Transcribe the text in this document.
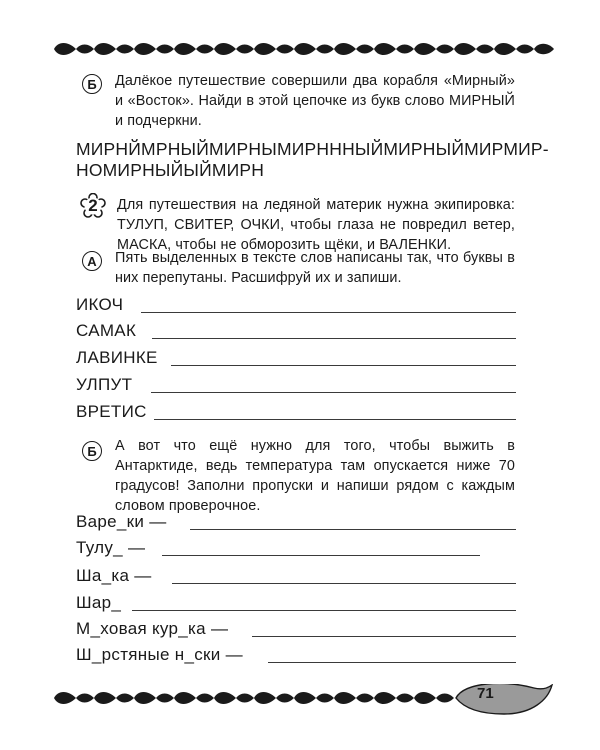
Б	Далёкое путешествие совершили два корабля «Мирный» и «Восток». Найди в этой цепочке из букв слово МИРНЫЙ и подчеркни.
МИРНЙМРНЫЙМИРНЫМИРНННЫЙМИРНЫЙМИРМИР-
НОМИРНЫЙЫЙМИРН
2 Для путешествия на ледяной материк нужна экипировка: ТУЛУП, СВИТЕР, ОЧКИ, чтобы глаза не повредил ветер, МАСКА, чтобы не обморозить щёки, и ВАЛЕНКИ.
А	Пять выделенных в тексте слов написаны так, что буквы в них перепутаны. Расшифруй их и запиши.
ИКОЧ
САМАК
ЛАВИНКЕ
УЛПУТ
ВРЕТИС
Б	А вот что ещё нужно для того, чтобы выжить в Антарктиде, ведь температура там опускается ниже 70 градусов! Заполни пропуски и напиши рядом с каждым словом проверочное.
Варе_ки —
Тулу_ —
Ша_ка —
Шар_
М_ховая кур_ка —
Ш_рстяные н_ски —
71
